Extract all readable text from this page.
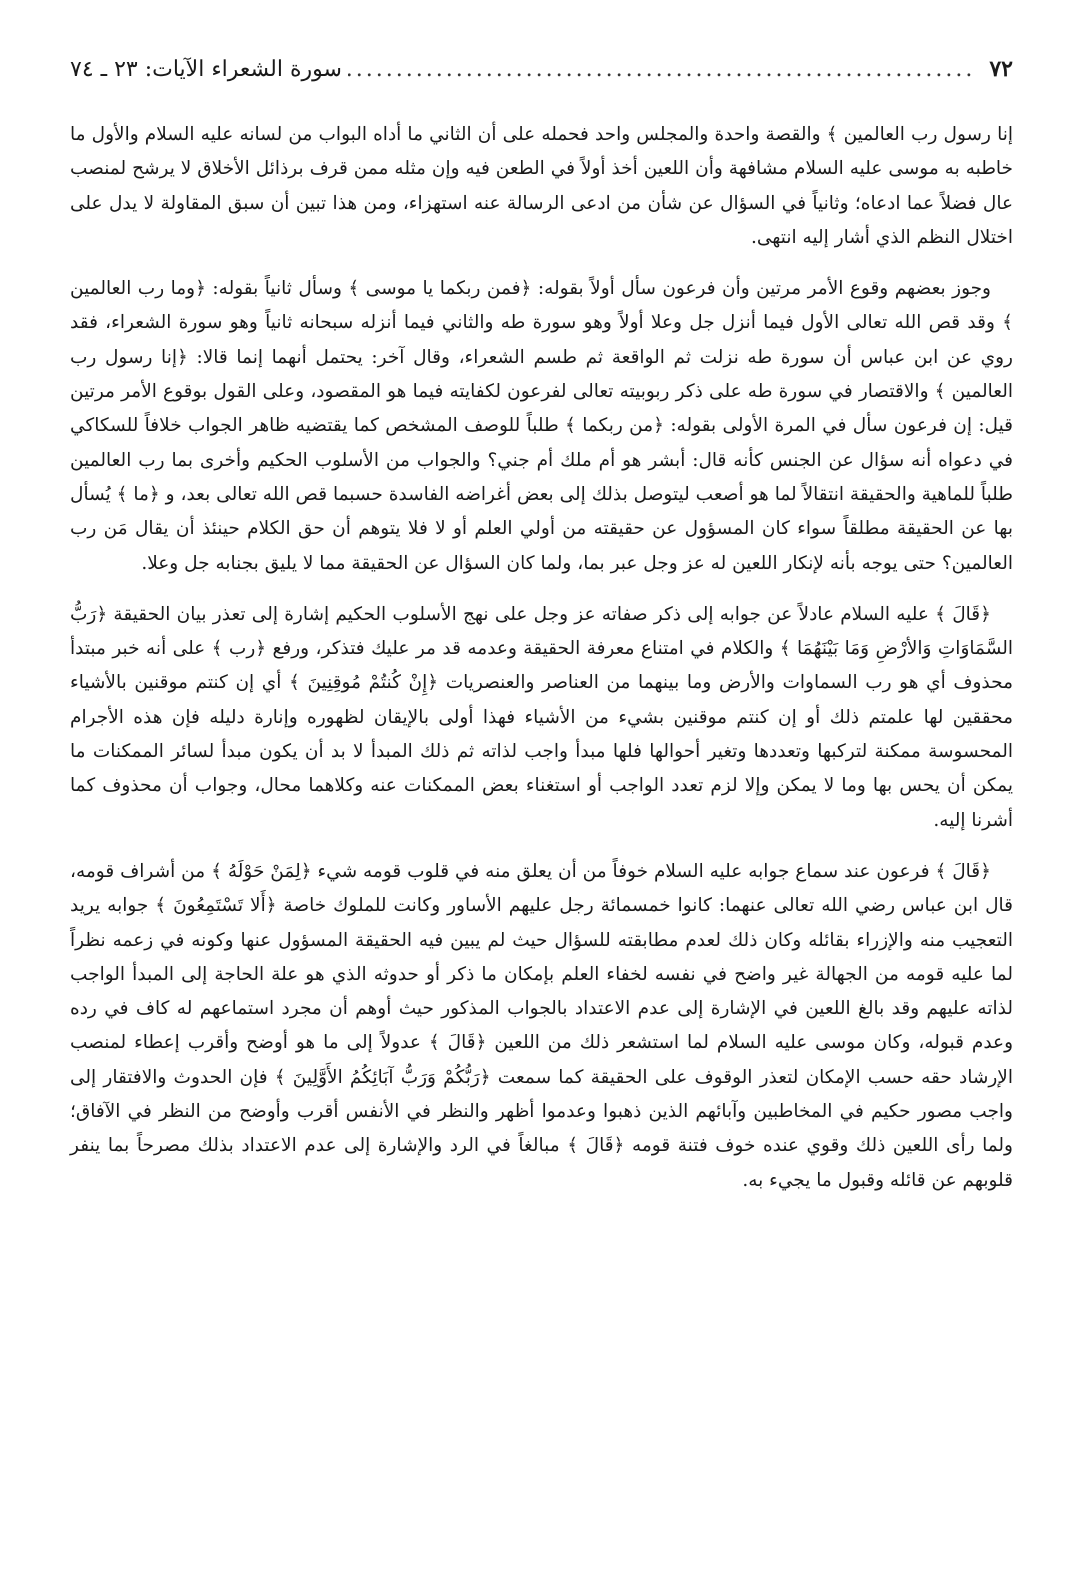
٧٢
.....
سورة الشعراء الآيات: ٢٣ ـ ٧٤

إنا رسول رب العالمين ﴾ والقصة واحدة والمجلس واحد فحمله على أن الثاني ما أداه البواب من لسانه عليه السلام والأول ما خاطبه به موسى عليه السلام مشافهة وأن اللعين أخذ أولاً في الطعن فيه وإن مثله ممن قرف برذائل الأخلاق لا يرشح لمنصب عال فضلاً عما ادعاه؛ وثانياً في السؤال عن شأن من ادعى الرسالة عنه استهزاء، ومن هذا تبين أن سبق المقاولة لا يدل على اختلال النظم الذي أشار إليه انتهى.

وجوز بعضهم وقوع الأمر مرتين وأن فرعون سأل أولاً بقوله: ﴿فمن ربكما يا موسى ﴾ وسأل ثانياً بقوله: ﴿وما رب العالمين ﴾ وقد قص الله تعالى الأول فيما أنزل جل وعلا أولاً وهو سورة طه والثاني فيما أنزله سبحانه ثانياً وهو سورة الشعراء، فقد روي عن ابن عباس أن سورة طه نزلت ثم الواقعة ثم طسم الشعراء، وقال آخر: يحتمل أنهما إنما قالا: ﴿إنا رسول رب العالمين ﴾ والاقتصار في سورة طه على ذكر ربوبيته تعالى لفرعون لكفايته فيما هو المقصود، وعلى القول بوقوع الأمر مرتين قيل: إن فرعون سأل في المرة الأولى بقوله: ﴿من ربكما ﴾ طلباً للوصف المشخص كما يقتضيه ظاهر الجواب خلافاً للسكاكي في دعواه أنه سؤال عن الجنس كأنه قال: أبشر هو أم ملك أم جني؟ والجواب من الأسلوب الحكيم وأخرى بما رب العالمين طلباً للماهية والحقيقة انتقالاً لما هو أصعب ليتوصل بذلك إلى بعض أغراضه الفاسدة حسبما قص الله تعالى بعد، و ﴿ما ﴾ يُسأل بها عن الحقيقة مطلقاً سواء كان المسؤول عن حقيقته من أولي العلم أو لا فلا يتوهم أن حق الكلام حينئذ أن يقال مَن رب العالمين؟ حتى يوجه بأنه لإنكار اللعين له عز وجل عبر بما، ولما كان السؤال عن الحقيقة مما لا يليق بجنابه جل وعلا.

﴿قَالَ ﴾ عليه السلام عادلاً عن جوابه إلى ذكر صفاته عز وجل على نهج الأسلوب الحكيم إشارة إلى تعذر بيان الحقيقة ﴿رَبُّ السَّمَاوَاتِ وَالأرْضِ وَمَا بَيْنَهُمَا ﴾ والكلام في امتناع معرفة الحقيقة وعدمه قد مر عليك فتذكر، ورفع ﴿رب ﴾ على أنه خبر مبتدأ محذوف أي هو رب السماوات والأرض وما بينهما من العناصر والعنصريات ﴿إِنْ كُنتُمْ مُوقِنِينَ ﴾ أي إن كنتم موقنين بالأشياء محققين لها علمتم ذلك أو إن كنتم موقنين بشيء من الأشياء فهذا أولى بالإيقان لظهوره وإنارة دليله فإن هذه الأجرام المحسوسة ممكنة لتركبها وتعددها وتغير أحوالها فلها مبدأ واجب لذاته ثم ذلك المبدأ لا بد أن يكون مبدأ لسائر الممكنات ما يمكن أن يحس بها وما لا يمكن وإلا لزم تعدد الواجب أو استغناء بعض الممكنات عنه وكلاهما محال، وجواب أن محذوف كما أشرنا إليه.

﴿قَالَ ﴾ فرعون عند سماع جوابه عليه السلام خوفاً من أن يعلق منه في قلوب قومه شيء ﴿لِمَنْ حَوْلَهُ ﴾ من أشراف قومه، قال ابن عباس رضي الله تعالى عنهما: كانوا خمسمائة رجل عليهم الأساور وكانت للملوك خاصة ﴿أَلا تَسْتَمِعُونَ ﴾ جوابه يريد التعجيب منه والإزراء بقائله وكان ذلك لعدم مطابقته للسؤال حيث لم يبين فيه الحقيقة المسؤول عنها وكونه في زعمه نظراً لما عليه قومه من الجهالة غير واضح في نفسه لخفاء العلم بإمكان ما ذكر أو حدوثه الذي هو علة الحاجة إلى المبدأ الواجب لذاته عليهم وقد بالغ اللعين في الإشارة إلى عدم الاعتداد بالجواب المذكور حيث أوهم أن مجرد استماعهم له كاف في رده وعدم قبوله، وكان موسى عليه السلام لما استشعر ذلك من اللعين ﴿قَالَ ﴾ عدولاً إلى ما هو أوضح وأقرب إعطاء لمنصب الإرشاد حقه حسب الإمكان لتعذر الوقوف على الحقيقة كما سمعت ﴿رَبُّكُمْ وَرَبُّ آبَائِكُمُ الأَوَّلِينَ ﴾ فإن الحدوث والافتقار إلى واجب مصور حكيم في المخاطبين وآبائهم الذين ذهبوا وعدموا أظهر والنظر في الأنفس أقرب وأوضح من النظر في الآفاق؛ ولما رأى اللعين ذلك وقوي عنده خوف فتنة قومه ﴿قَالَ ﴾ مبالغاً في الرد والإشارة إلى عدم الاعتداد بذلك مصرحاً بما ينفر قلوبهم عن قائله وقبول ما يجيء به.
